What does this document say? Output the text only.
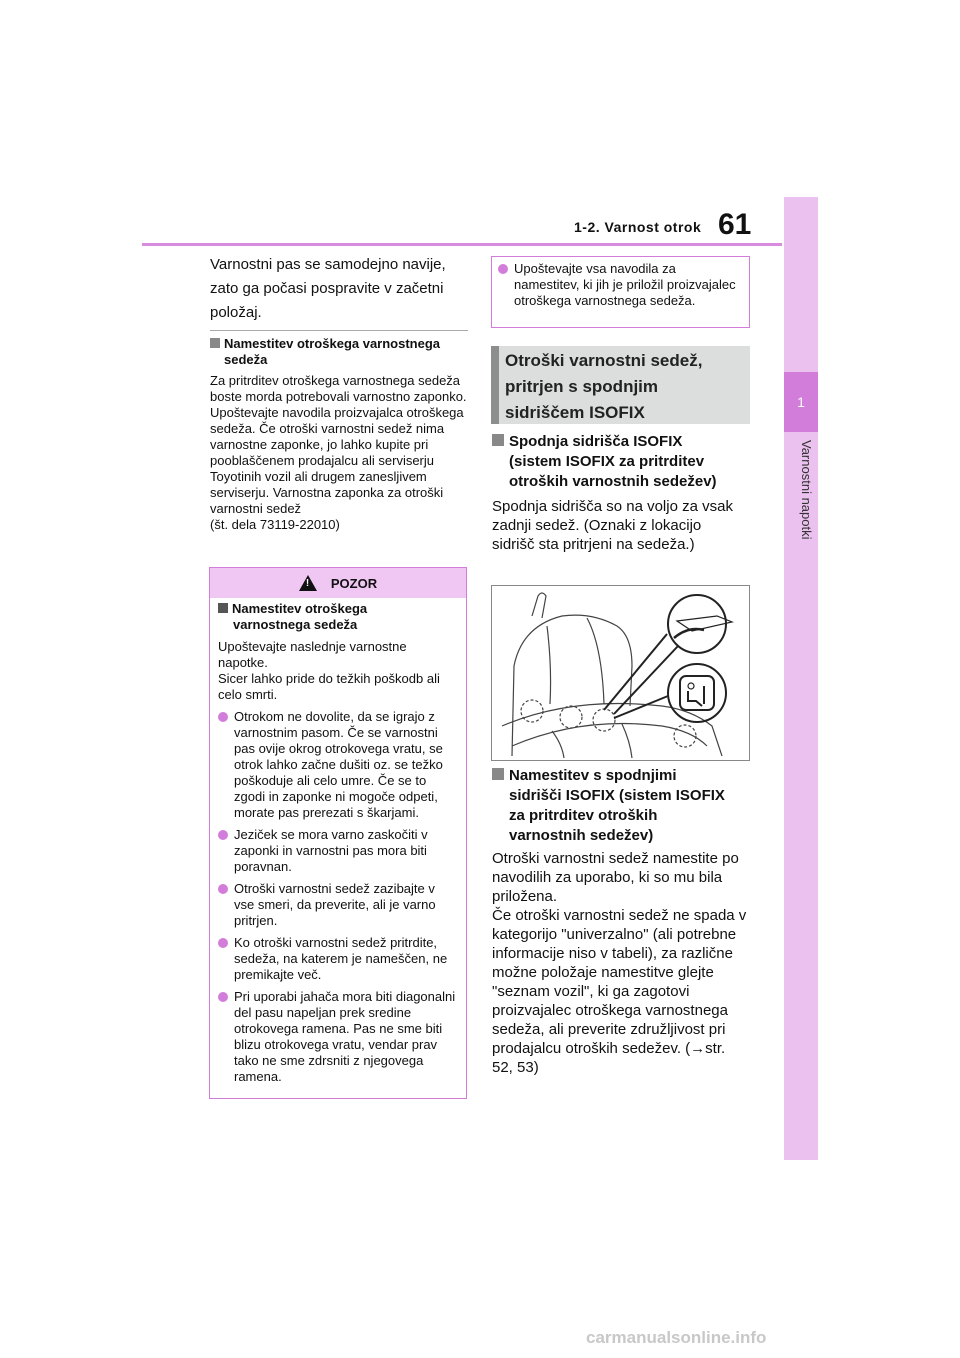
1-2. Varnost otrok 61
1
Varnostni napotki
Varnostni pas se samodejno navije, zato ga počasi pospravite v začetni položaj.
Namestitev otroškega varnostnega
sedeža
Za pritrditev otroškega varnostnega sedeža boste morda potrebovali varnostno zaponko. Upoštevajte navodila proizvajalca otroškega sedeža. Če otroški varnostni sedež nima varnostne zaponke, jo lahko kupite pri pooblaščenem prodajalcu ali serviserju Toyotinih vozil ali drugem zanesljivem serviserju. Varnostna zaponka za otroški varnostni sedež
(št. dela 73119-22010)
! POZOR
Namestitev otroškega
varnostnega sedeža
Upoštevajte naslednje varnostne napotke.
Sicer lahko pride do težkih poškodb ali celo smrti.
Otrokom ne dovolite, da se igrajo z varnostnim pasom. Če se varnostni pas ovije okrog otrokovega vratu, se otrok lahko začne dušiti oz. se težko poškoduje ali celo umre. Če se to zgodi in zaponke ni mogoče odpeti, morate pas prerezati s škarjami.
Jeziček se mora varno zaskočiti v zaponki in varnostni pas mora biti poravnan.
Otroški varnostni sedež zazibajte v vse smeri, da preverite, ali je varno pritrjen.
Ko otroški varnostni sedež pritrdite, sedeža, na katerem je nameščen, ne premikajte več.
Pri uporabi jahača mora biti diagonalni del pasu napeljan prek sredine otrokovega ramena. Pas ne sme biti blizu otrokovega vratu, vendar prav tako ne sme zdrsniti z njegovega ramena.
Upoštevajte vsa navodila za namestitev, ki jih je priložil proizvajalec otroškega varnostnega sedeža.
Otroški varnostni sedež,
pritrjen s spodnjim
sidriščem ISOFIX
Spodnja sidrišča ISOFIX
(sistem ISOFIX za pritrditev
otroških varnostnih sedežev)
Spodnja sidrišča so na voljo za vsak zadnji sedež. (Oznaki z lokacijo sidrišč sta pritrjeni na sedeža.)
Namestitev s spodnjimi
sidrišči ISOFIX (sistem ISOFIX
za pritrditev otroških
varnostnih sedežev)
Otroški varnostni sedež namestite po navodilih za uporabo, ki so mu bila priložena.
Če otroški varnostni sedež ne spada v kategorijo "univerzalno" (ali potrebne informacije niso v tabeli), za različne možne položaje namestitve glejte "seznam vozil", ki ga zagotovi proizvajalec otroškega varnostnega sedeža, ali preverite združljivost pri prodajalcu otroških sedežev. (→str. 52, 53)
carmanualsonline.info
